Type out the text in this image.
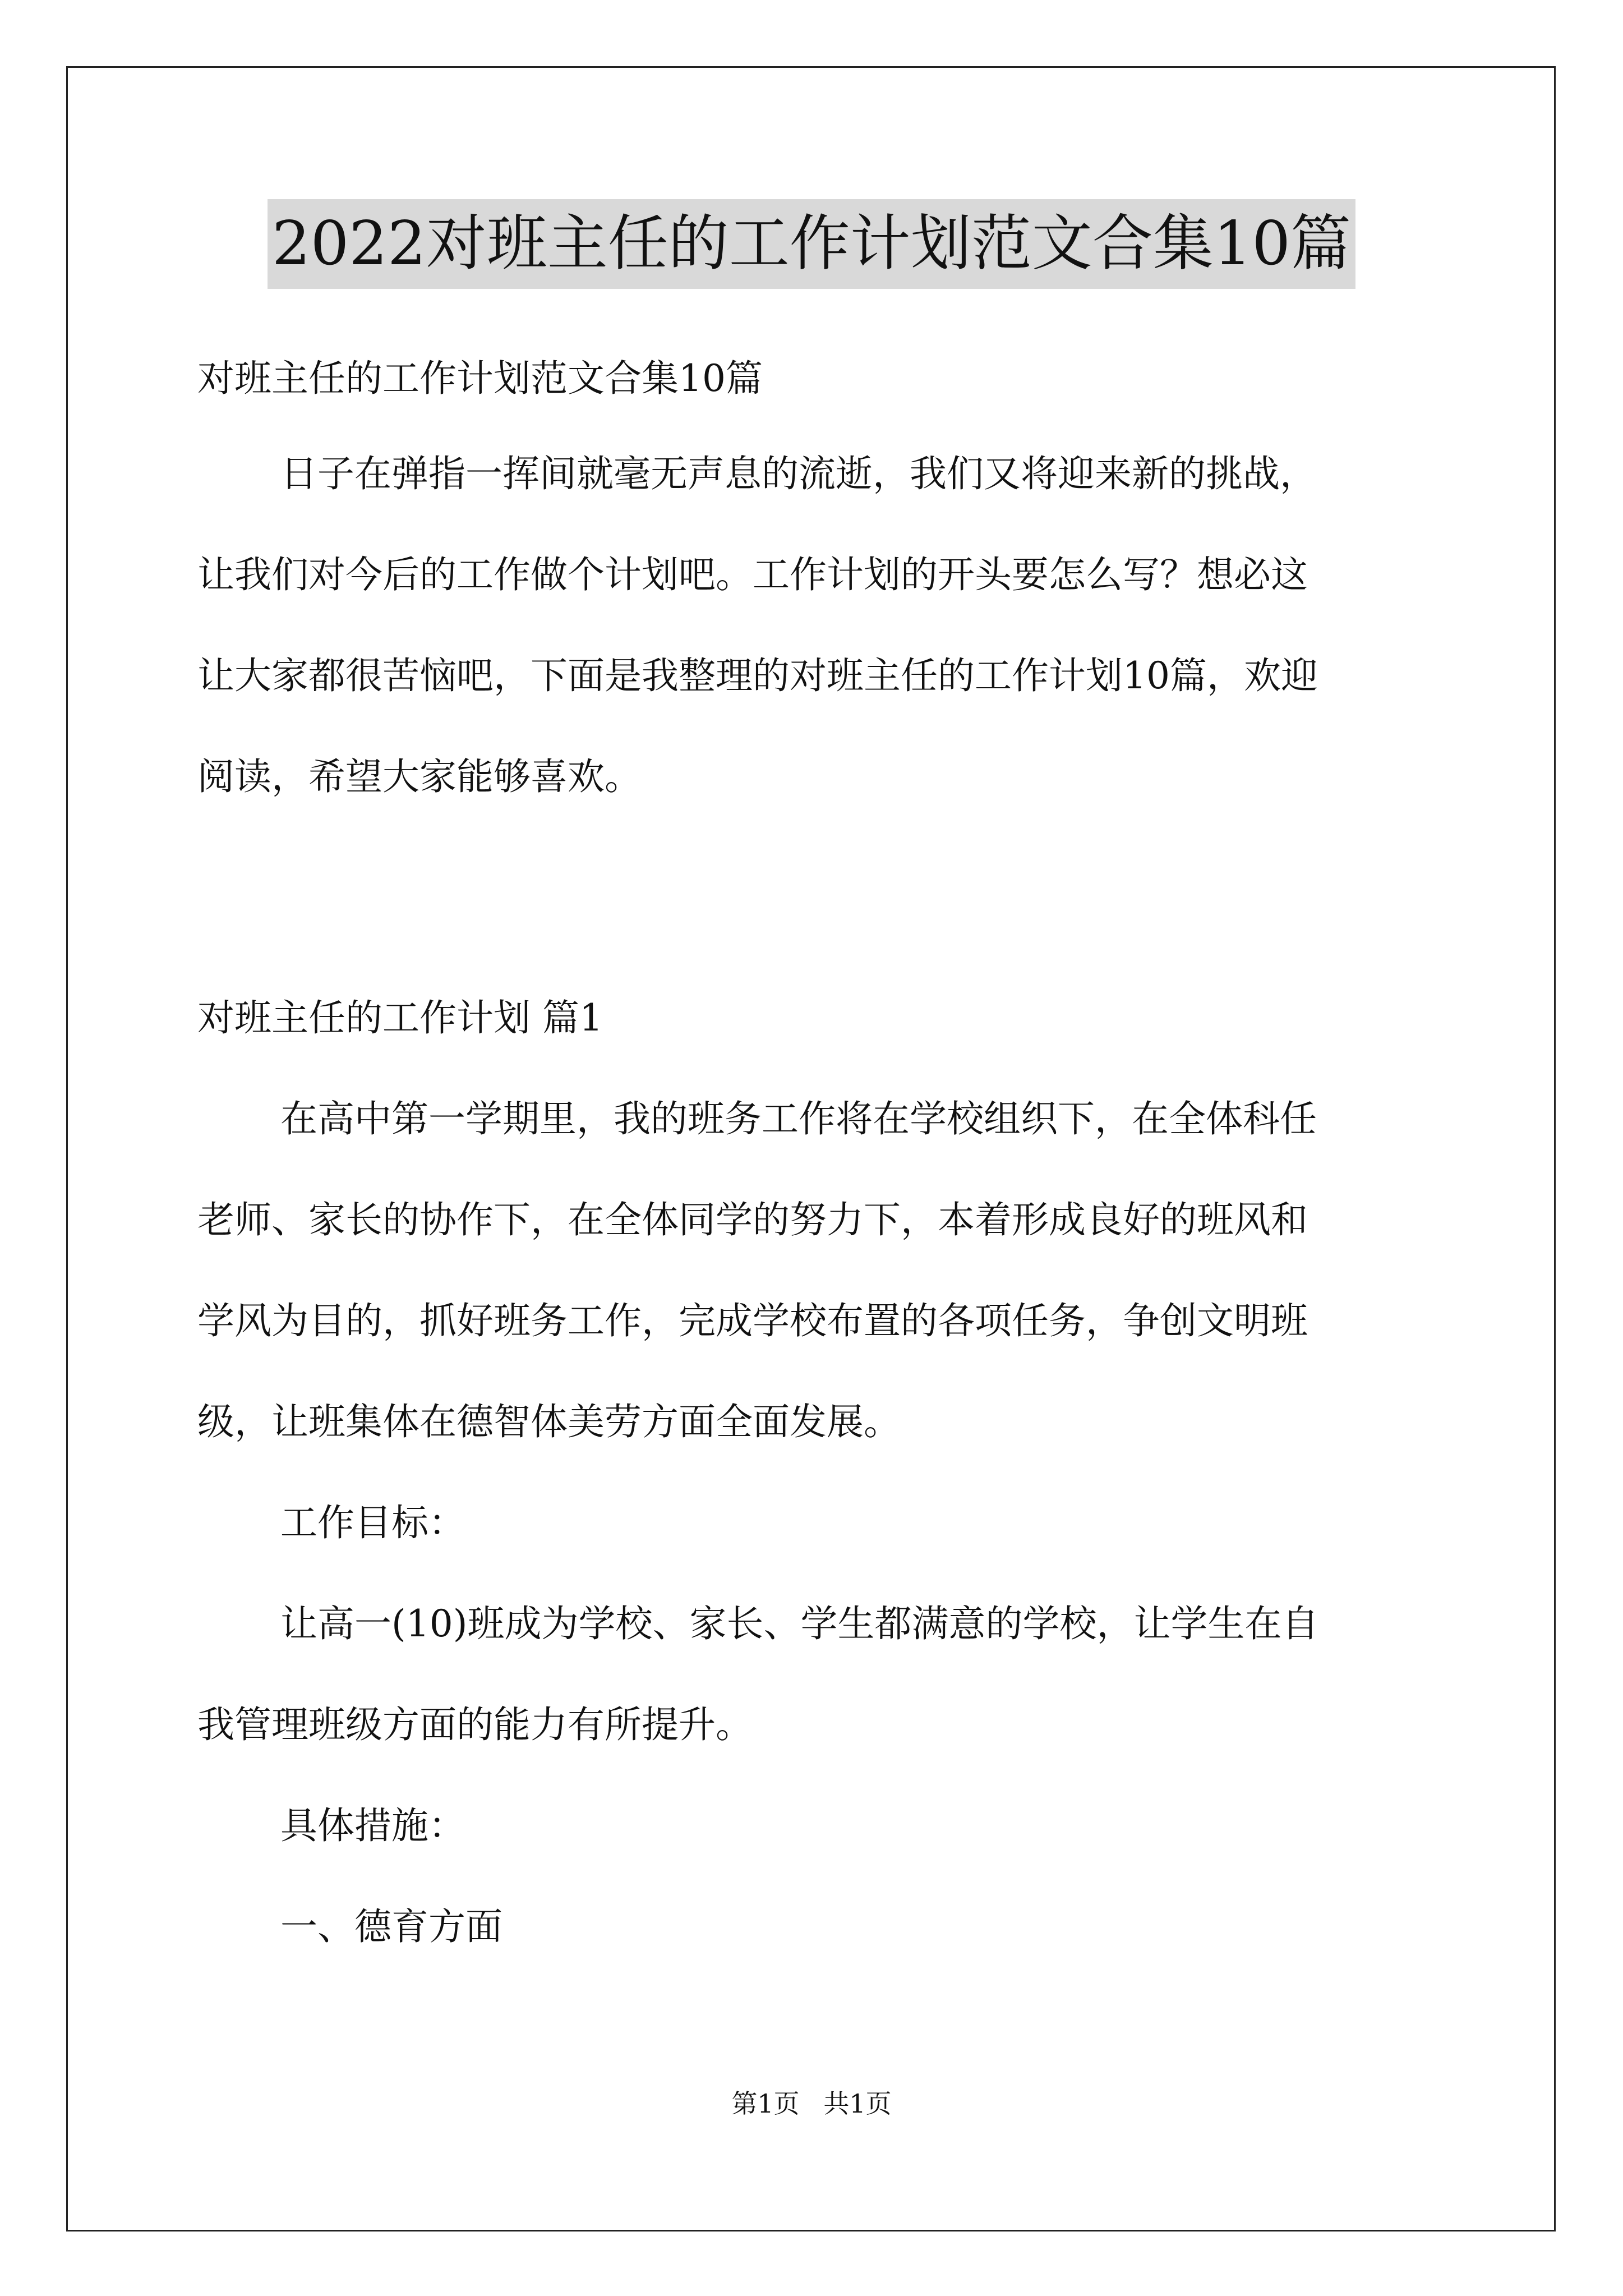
2022对班主任的工作计划范文合集10篇
对班主任的工作计划范文合集10篇
日子在弹指一挥间就毫无声息的流逝，我们又将迎来新的挑战，
让我们对今后的工作做个计划吧。工作计划的开头要怎么写？想必这
让大家都很苦恼吧，下面是我整理的对班主任的工作计划10篇，欢迎
阅读，希望大家能够喜欢。
对班主任的工作计划 篇1
在高中第一学期里，我的班务工作将在学校组织下，在全体科任
老师、家长的协作下，在全体同学的努力下，本着形成良好的班风和
学风为目的，抓好班务工作，完成学校布置的各项任务，争创文明班
级，让班集体在德智体美劳方面全面发展。
工作目标：
让高一(10)班成为学校、家长、学生都满意的学校，让学生在自
我管理班级方面的能力有所提升。
具体措施：
一、德育方面
第1页 共1页
